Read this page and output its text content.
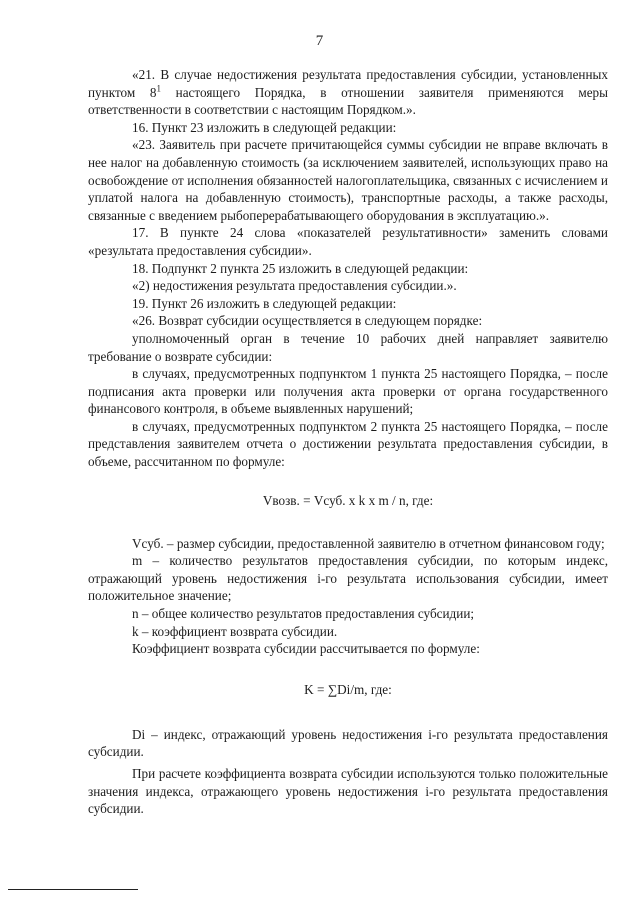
7

«21. В случае недостижения результата предоставления субсидии, установленных пунктом $8^1$ настоящего Порядка, в отношении заявителя применяются меры ответственности в соответствии с настоящим Порядком.».

16. Пункт 23 изложить в следующей редакции:

«23. Заявитель при расчете причитающейся суммы субсидии не вправе включать в нее налог на добавленную стоимость (за исключением заявителей, использующих право на освобождение от исполнения обязанностей налогоплательщика, связанных с исчислением и уплатой налога на добавленную стоимость), транспортные расходы, а также расходы, связанные с введением рыбоперерабатывающего оборудования в эксплуатацию.».

17. В пункте 24 слова «показателей результативности» заменить словами «результата предоставления субсидии».

18. Подпункт 2 пункта 25 изложить в следующей редакции:

«2) недостижения результата предоставления субсидии.».

19. Пункт 26 изложить в следующей редакции:

«26. Возврат субсидии осуществляется в следующем порядке:

уполномоченный орган в течение 10 рабочих дней направляет заявителю требование о возврате субсидии:

в случаях, предусмотренных подпунктом 1 пункта 25 настоящего Порядка, – после подписания акта проверки или получения акта проверки от органа государственного финансового контроля, в объеме выявленных нарушений;

в случаях, предусмотренных подпунктом 2 пункта 25 настоящего Порядка, – после представления заявителем отчета о достижении результата предоставления субсидии, в объеме, рассчитанном по формуле:

Vвозв. = Vсуб. x k x m / n, где:

Vсуб. – размер субсидии, предоставленной заявителю в отчетном финансовом году;

m – количество результатов предоставления субсидии, по которым индекс, отражающий уровень недостижения i-го результата использования субсидии, имеет положительное значение;

n – общее количество результатов предоставления субсидии;

k – коэффициент возврата субсидии.

Коэффициент возврата субсидии рассчитывается по формуле:

K = ∑Di/m, где:

Di – индекс, отражающий уровень недостижения i-го результата предоставления субсидии.

При расчете коэффициента возврата субсидии используются только положительные значения индекса, отражающего уровень недостижения i-го результата предоставления субсидии.
